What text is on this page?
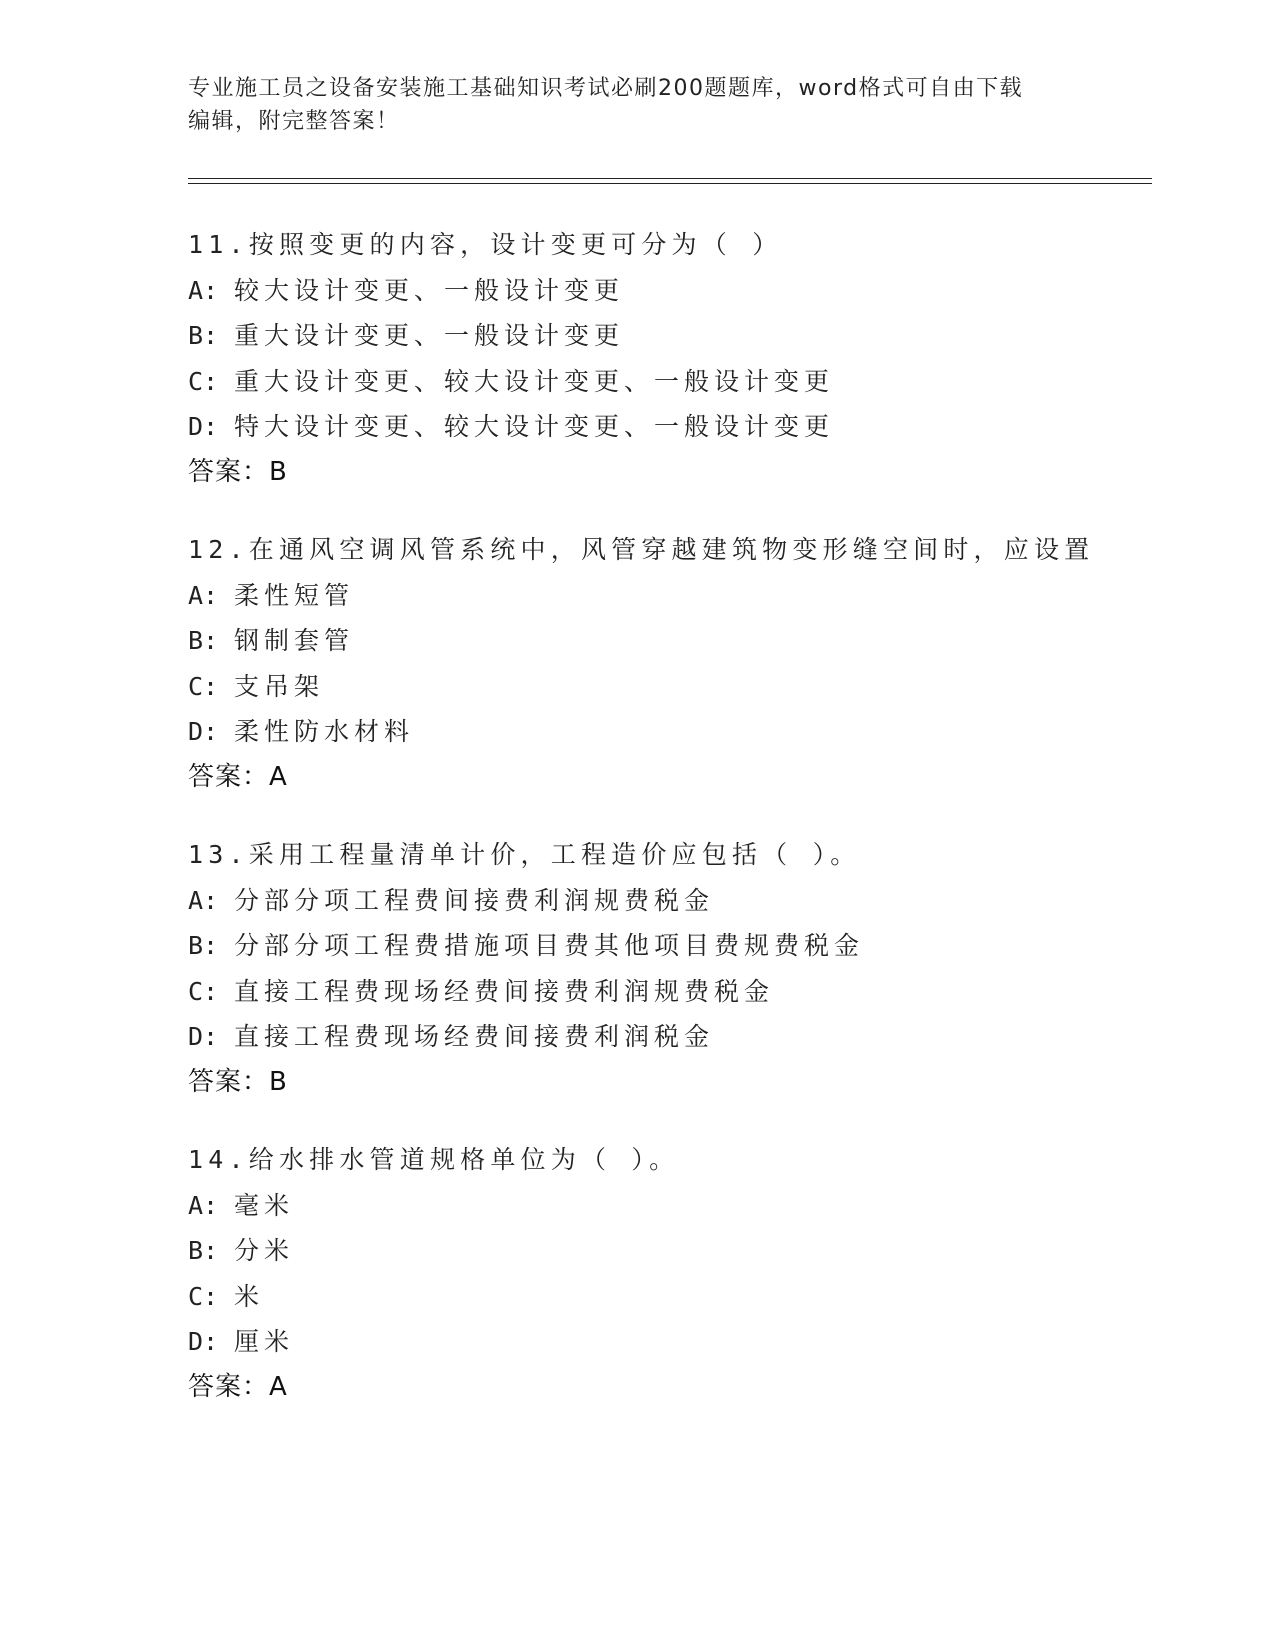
专业施工员之设备安装施工基础知识考试必刷200题题库，word格式可自由下载
编辑，附完整答案！
11.按照变更的内容，设计变更可分为（ ）
A: 较大设计变更、一般设计变更
B: 重大设计变更、一般设计变更
C: 重大设计变更、较大设计变更、一般设计变更
D: 特大设计变更、较大设计变更、一般设计变更
答案：B
12.在通风空调风管系统中，风管穿越建筑物变形缝空间时，应设置
A: 柔性短管
B: 钢制套管
C: 支吊架
D: 柔性防水材料
答案：A
13.采用工程量清单计价，工程造价应包括（ ）。
A: 分部分项工程费间接费利润规费税金
B: 分部分项工程费措施项目费其他项目费规费税金
C: 直接工程费现场经费间接费利润规费税金
D: 直接工程费现场经费间接费利润税金
答案：B
14.给水排水管道规格单位为（ ）。
A: 毫米
B: 分米
C: 米
D: 厘米
答案：A
